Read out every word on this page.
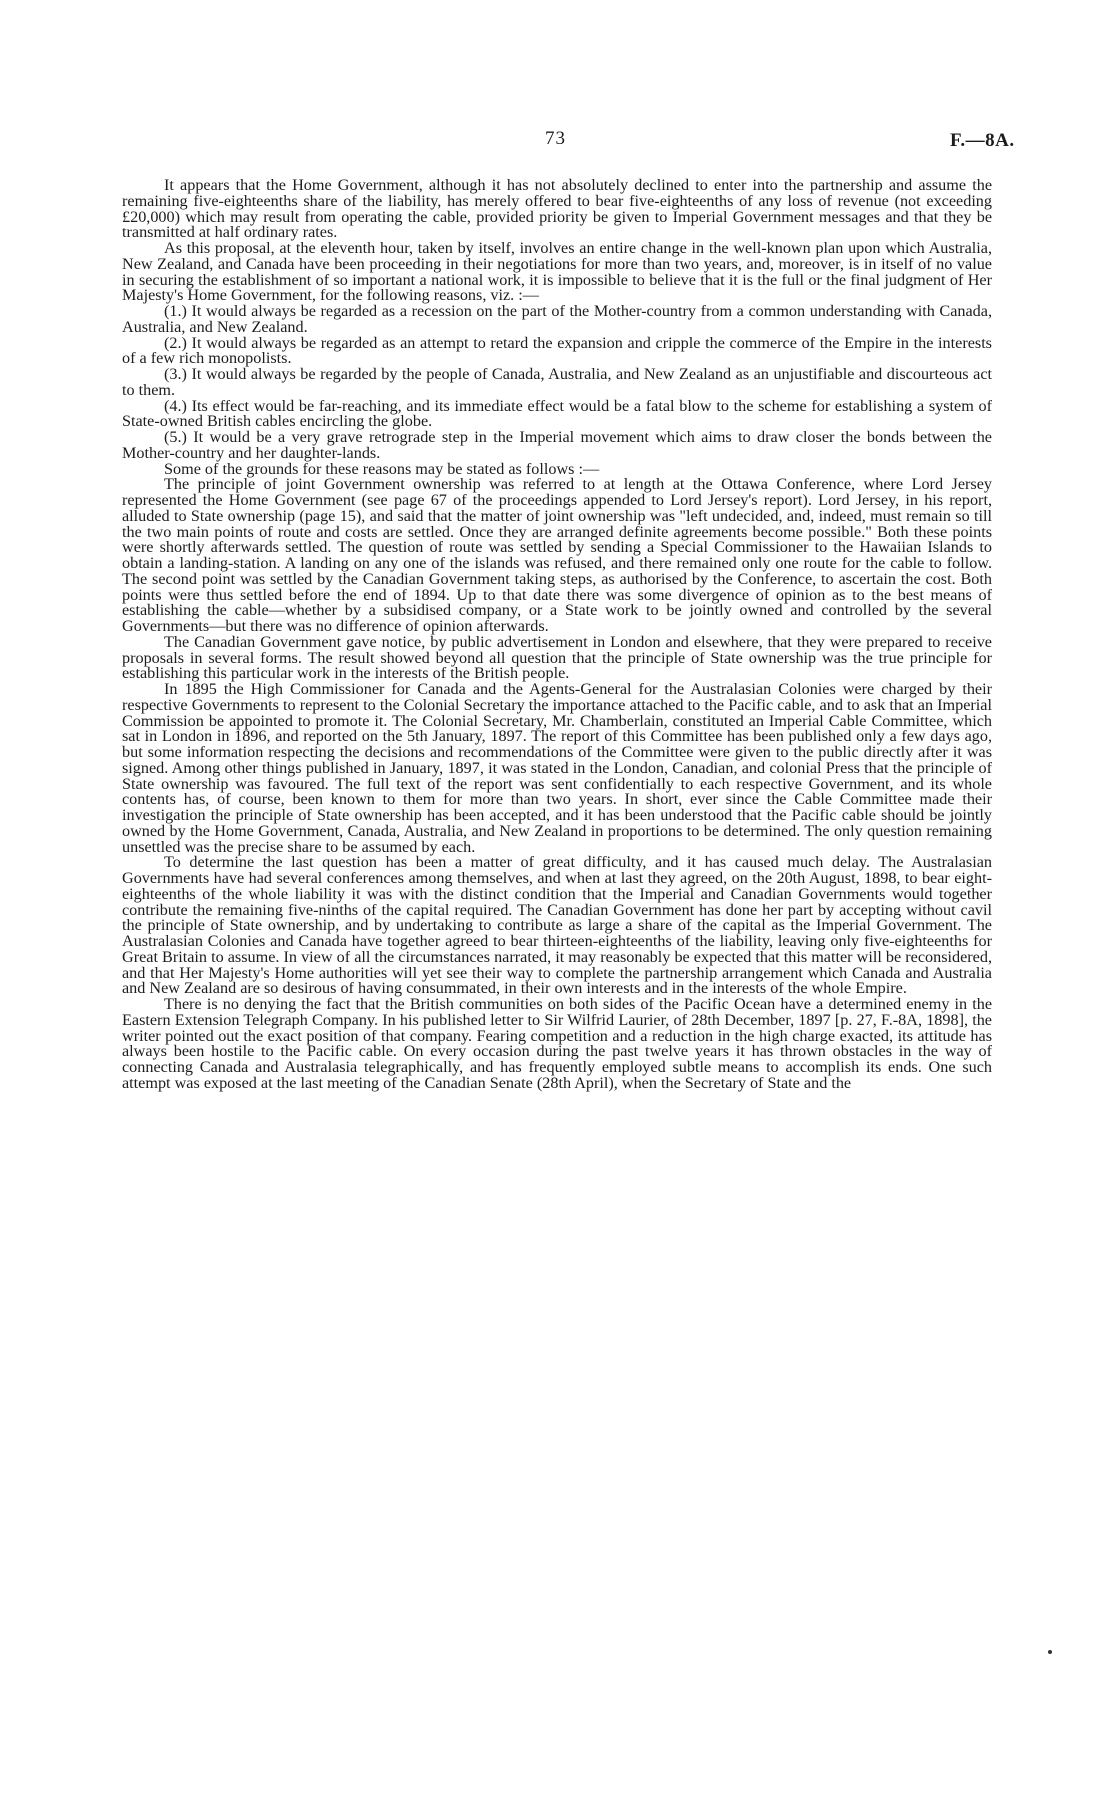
73	F.—8A.

It appears that the Home Government, although it has not absolutely declined to enter into the partnership and assume the remaining five-eighteenths share of the liability, has merely offered to bear five-eighteenths of any loss of revenue (not exceeding £20,000) which may result from operating the cable, provided priority be given to Imperial Government messages and that they be transmitted at half ordinary rates.

As this proposal, at the eleventh hour, taken by itself, involves an entire change in the well-known plan upon which Australia, New Zealand, and Canada have been proceeding in their negotiations for more than two years, and, moreover, is in itself of no value in securing the establishment of so important a national work, it is impossible to believe that it is the full or the final judgment of Her Majesty's Home Government, for the following reasons, viz. :—

(1.) It would always be regarded as a recession on the part of the Mother-country from a common understanding with Canada, Australia, and New Zealand.

(2.) It would always be regarded as an attempt to retard the expansion and cripple the commerce of the Empire in the interests of a few rich monopolists.

(3.) It would always be regarded by the people of Canada, Australia, and New Zealand as an unjustifiable and discourteous act to them.

(4.) Its effect would be far-reaching, and its immediate effect would be a fatal blow to the scheme for establishing a system of State-owned British cables encircling the globe.

(5.) It would be a very grave retrograde step in the Imperial movement which aims to draw closer the bonds between the Mother-country and her daughter-lands.

Some of the grounds for these reasons may be stated as follows :—

The principle of joint Government ownership was referred to at length at the Ottawa Conference, where Lord Jersey represented the Home Government (see page 67 of the proceedings appended to Lord Jersey's report). Lord Jersey, in his report, alluded to State ownership (page 15), and said that the matter of joint ownership was "left undecided, and, indeed, must remain so till the two main points of route and costs are settled. Once they are arranged definite agreements become possible." Both these points were shortly afterwards settled. The question of route was settled by sending a Special Commissioner to the Hawaiian Islands to obtain a landing-station. A landing on any one of the islands was refused, and there remained only one route for the cable to follow. The second point was settled by the Canadian Government taking steps, as authorised by the Conference, to ascertain the cost. Both points were thus settled before the end of 1894. Up to that date there was some divergence of opinion as to the best means of establishing the cable—whether by a subsidised company, or a State work to be jointly owned and controlled by the several Governments—but there was no difference of opinion afterwards.

The Canadian Government gave notice, by public advertisement in London and elsewhere, that they were prepared to receive proposals in several forms. The result showed beyond all question that the principle of State ownership was the true principle for establishing this particular work in the interests of the British people.

In 1895 the High Commissioner for Canada and the Agents-General for the Australasian Colonies were charged by their respective Governments to represent to the Colonial Secretary the importance attached to the Pacific cable, and to ask that an Imperial Commission be appointed to promote it. The Colonial Secretary, Mr. Chamberlain, constituted an Imperial Cable Committee, which sat in London in 1896, and reported on the 5th January, 1897. The report of this Committee has been published only a few days ago, but some information respecting the decisions and recommendations of the Committee were given to the public directly after it was signed. Among other things published in January, 1897, it was stated in the London, Canadian, and colonial Press that the principle of State ownership was favoured. The full text of the report was sent confidentially to each respective Government, and its whole contents has, of course, been known to them for more than two years. In short, ever since the Cable Committee made their investigation the principle of State ownership has been accepted, and it has been understood that the Pacific cable should be jointly owned by the Home Government, Canada, Australia, and New Zealand in proportions to be determined. The only question remaining unsettled was the precise share to be assumed by each.

To determine the last question has been a matter of great difficulty, and it has caused much delay. The Australasian Governments have had several conferences among themselves, and when at last they agreed, on the 20th August, 1898, to bear eight-eighteenths of the whole liability it was with the distinct condition that the Imperial and Canadian Governments would together contribute the remaining five-ninths of the capital required. The Canadian Government has done her part by accepting without cavil the principle of State ownership, and by undertaking to contribute as large a share of the capital as the Imperial Government. The Australasian Colonies and Canada have together agreed to bear thirteen-eighteenths of the liability, leaving only five-eighteenths for Great Britain to assume. In view of all the circumstances narrated, it may reasonably be expected that this matter will be reconsidered, and that Her Majesty's Home authorities will yet see their way to complete the partnership arrangement which Canada and Australia and New Zealand are so desirous of having consummated, in their own interests and in the interests of the whole Empire.

There is no denying the fact that the British communities on both sides of the Pacific Ocean have a determined enemy in the Eastern Extension Telegraph Company. In his published letter to Sir Wilfrid Laurier, of 28th December, 1897 [p. 27, F.-8A, 1898], the writer pointed out the exact position of that company. Fearing competition and a reduction in the high charge exacted, its attitude has always been hostile to the Pacific cable. On every occasion during the past twelve years it has thrown obstacles in the way of connecting Canada and Australasia telegraphically, and has frequently employed subtle means to accomplish its ends. One such attempt was exposed at the last meeting of the Canadian Senate (28th April), when the Secretary of State and the
